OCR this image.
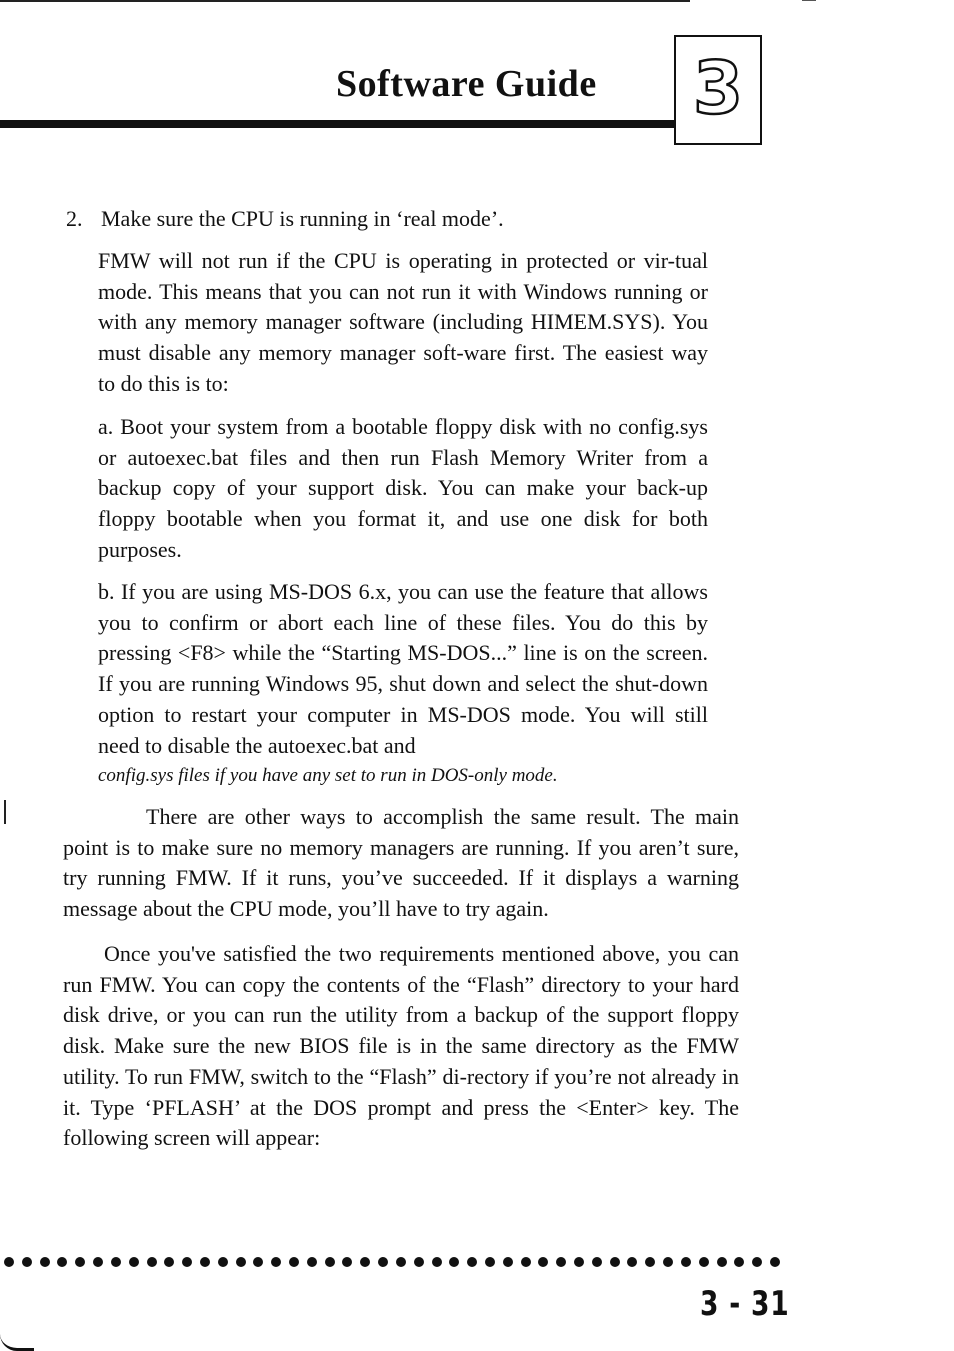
Software Guide 3
2. Make sure the CPU is running in ‘real mode’.

FMW will not run if the CPU is operating in protected or vir-tual mode. This means that you can not run it with Windows running or with any memory manager software (including HIMEM.SYS). You must disable any memory manager soft-ware first. The easiest way to do this is to:

a. Boot your system from a bootable floppy disk with no config.sys or autoexec.bat files and then run Flash Memory Writer from a backup copy of your support disk. You can make your back-up floppy bootable when you format it, and use one disk for both purposes.

b. If you are using MS-DOS 6.x, you can use the feature that allows you to confirm or abort each line of these files. You do this by pressing <F8> while the “Starting MS-DOS...” line is on the screen. If you are running Windows 95, shut down and select the shut-down option to restart your computer in MS-DOS mode. You will still need to disable the autoexec.bat and

config.sys files if you have any set to run in DOS-only mode.

There are other ways to accomplish the same result. The main point is to make sure no memory managers are running. If you aren’t sure, try running FMW. If it runs, you’ve succeeded. If it displays a warning message about the CPU mode, you’ll have to try again.

Once you've satisfied the two requirements mentioned above, you can run FMW. You can copy the contents of the “Flash” directory to your hard disk drive, or you can run the utility from a backup of the support floppy disk. Make sure the new BIOS file is in the same directory as the FMW utility. To run FMW, switch to the “Flash” di-rectory if you’re not already in it. Type ‘PFLASH’ at the DOS prompt and press the <Enter> key. The following screen will appear:

3 - 31
